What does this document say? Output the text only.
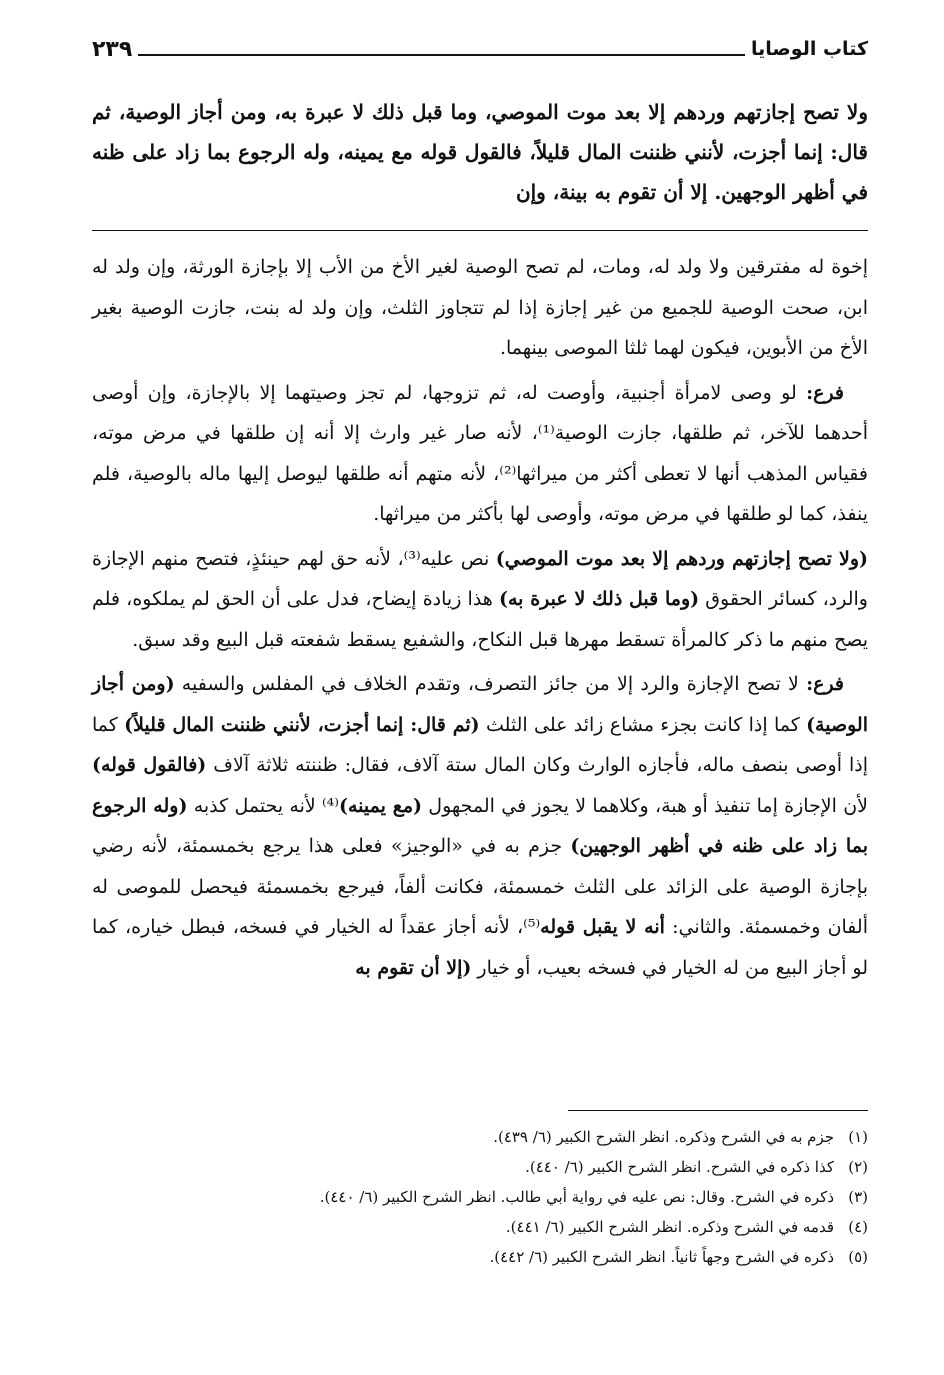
كتاب الوصايا
٢٣٩
ولا تصح إجازتهم وردهم إلا بعد موت الموصي، وما قبل ذلك لا عبرة به، ومن أجاز الوصية، ثم قال: إنما أجزت، لأنني ظننت المال قليلاً، فالقول قوله مع يمينه، وله الرجوع بما زاد على ظنه في أظهر الوجهين. إلا أن تقوم به بينة، وإن

إخوة له مفترقين ولا ولد له، ومات، لم تصح الوصية لغير الأخ من الأب إلا بإجازة الورثة، وإن ولد له ابن، صحت الوصية للجميع من غير إجازة إذا لم تتجاوز الثلث، وإن ولد له بنت، جازت الوصية بغير الأخ من الأبوين، فيكون لهما ثلثا الموصى بينهما.

فرع: لو وصى لامرأة أجنبية، وأوصت له، ثم تزوجها، لم تجز وصيتهما إلا بالإجازة، وإن أوصى أحدهما للآخر، ثم طلقها، جازت الوصية⁽¹⁾، لأنه صار غير وارث إلا أنه إن طلقها في مرض موته، فقياس المذهب أنها لا تعطى أكثر من ميراثها⁽²⁾، لأنه متهم أنه طلقها ليوصل إليها ماله بالوصية، فلم ينفذ، كما لو طلقها في مرض موته، وأوصى لها بأكثر من ميراثها.

(ولا تصح إجازتهم وردهم إلا بعد موت الموصي) نص عليه⁽³⁾، لأنه حق لهم حينئذٍ، فتصح منهم الإجازة والرد، كسائر الحقوق (وما قبل ذلك لا عبرة به) هذا زيادة إيضاح، فدل على أن الحق لم يملكوه، فلم يصح منهم ما ذكر كالمرأة تسقط مهرها قبل النكاح، والشفيع يسقط شفعته قبل البيع وقد سبق.

فرع: لا تصح الإجازة والرد إلا من جائز التصرف، وتقدم الخلاف في المفلس والسفيه (ومن أجاز الوصية) كما إذا كانت بجزء مشاع زائد على الثلث (ثم قال: إنما أجزت، لأنني ظننت المال قليلاً) كما إذا أوصى بنصف ماله، فأجازه الوارث وكان المال ستة آلاف، فقال: ظننته ثلاثة آلاف (فالقول قوله) لأن الإجازة إما تنفيذ أو هبة، وكلاهما لا يجوز في المجهول (مع يمينه)⁽⁴⁾ لأنه يحتمل كذبه (وله الرجوع بما زاد على ظنه في أظهر الوجهين) جزم به في «الوجيز» فعلى هذا يرجع بخمسمئة، لأنه رضي بإجازة الوصية على الزائد على الثلث خمسمئة، فكانت ألفاً، فيرجع بخمسمئة فيحصل للموصى له ألفان وخمسمئة. والثاني: أنه لا يقبل قوله⁽⁵⁾، لأنه أجاز عقداً له الخيار في فسخه، فبطل خياره، كما لو أجاز البيع من له الخيار في فسخه بعيب، أو خيار (إلا أن تقوم به

(١)جزم به في الشرح وذكره. انظر الشرح الكبير (٦/ ٤٣٩).
(٢)كذا ذكره في الشرح. انظر الشرح الكبير (٦/ ٤٤٠).
(٣)ذكره في الشرح. وقال: نص عليه في رواية أبي طالب. انظر الشرح الكبير (٦/ ٤٤٠).
(٤)قدمه في الشرح وذكره. انظر الشرح الكبير (٦/ ٤٤١).
(٥)ذكره في الشرح وجهاً ثانياً. انظر الشرح الكبير (٦/ ٤٤٢).
